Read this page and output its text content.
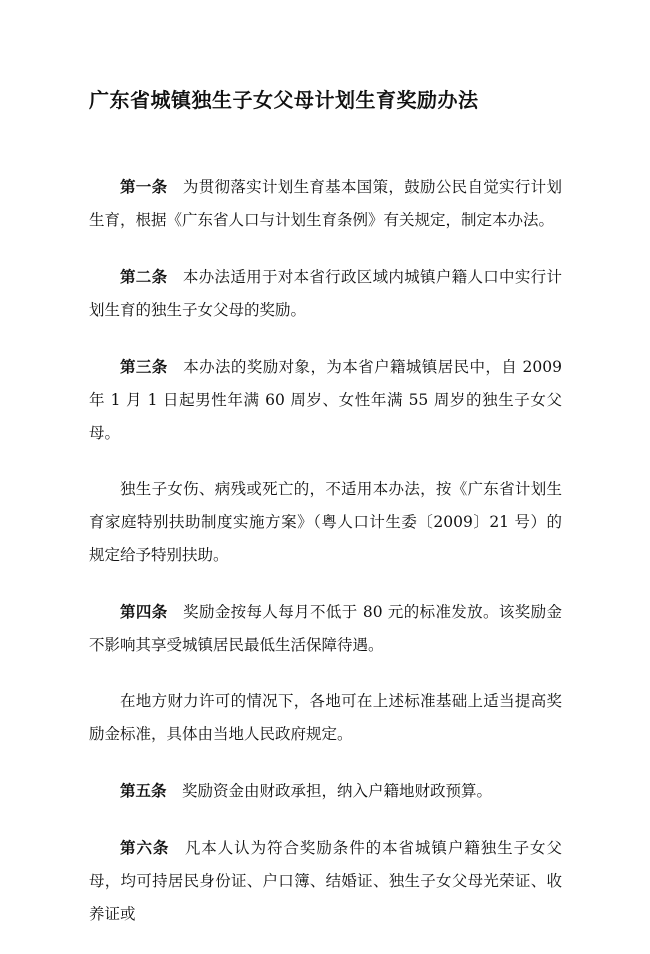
广东省城镇独生子女父母计划生育奖励办法

第一条 为贯彻落实计划生育基本国策，鼓励公民自觉实行计划生育，根据《广东省人口与计划生育条例》有关规定，制定本办法。

第二条 本办法适用于对本省行政区域内城镇户籍人口中实行计划生育的独生子女父母的奖励。

第三条 本办法的奖励对象，为本省户籍城镇居民中，自 2009 年 1 月 1 日起男性年满 60 周岁、女性年满 55 周岁的独生子女父母。

独生子女伤、病残或死亡的，不适用本办法，按《广东省计划生育家庭特别扶助制度实施方案》（粤人口计生委〔2009〕21 号）的规定给予特别扶助。

第四条 奖励金按每人每月不低于 80 元的标准发放。该奖励金不影响其享受城镇居民最低生活保障待遇。

在地方财力许可的情况下，各地可在上述标准基础上适当提高奖励金标准，具体由当地人民政府规定。

第五条 奖励资金由财政承担，纳入户籍地财政预算。

第六条 凡本人认为符合奖励条件的本省城镇户籍独生子女父母，均可持居民身份证、户口簿、结婚证、独生子女父母光荣证、收养证或
